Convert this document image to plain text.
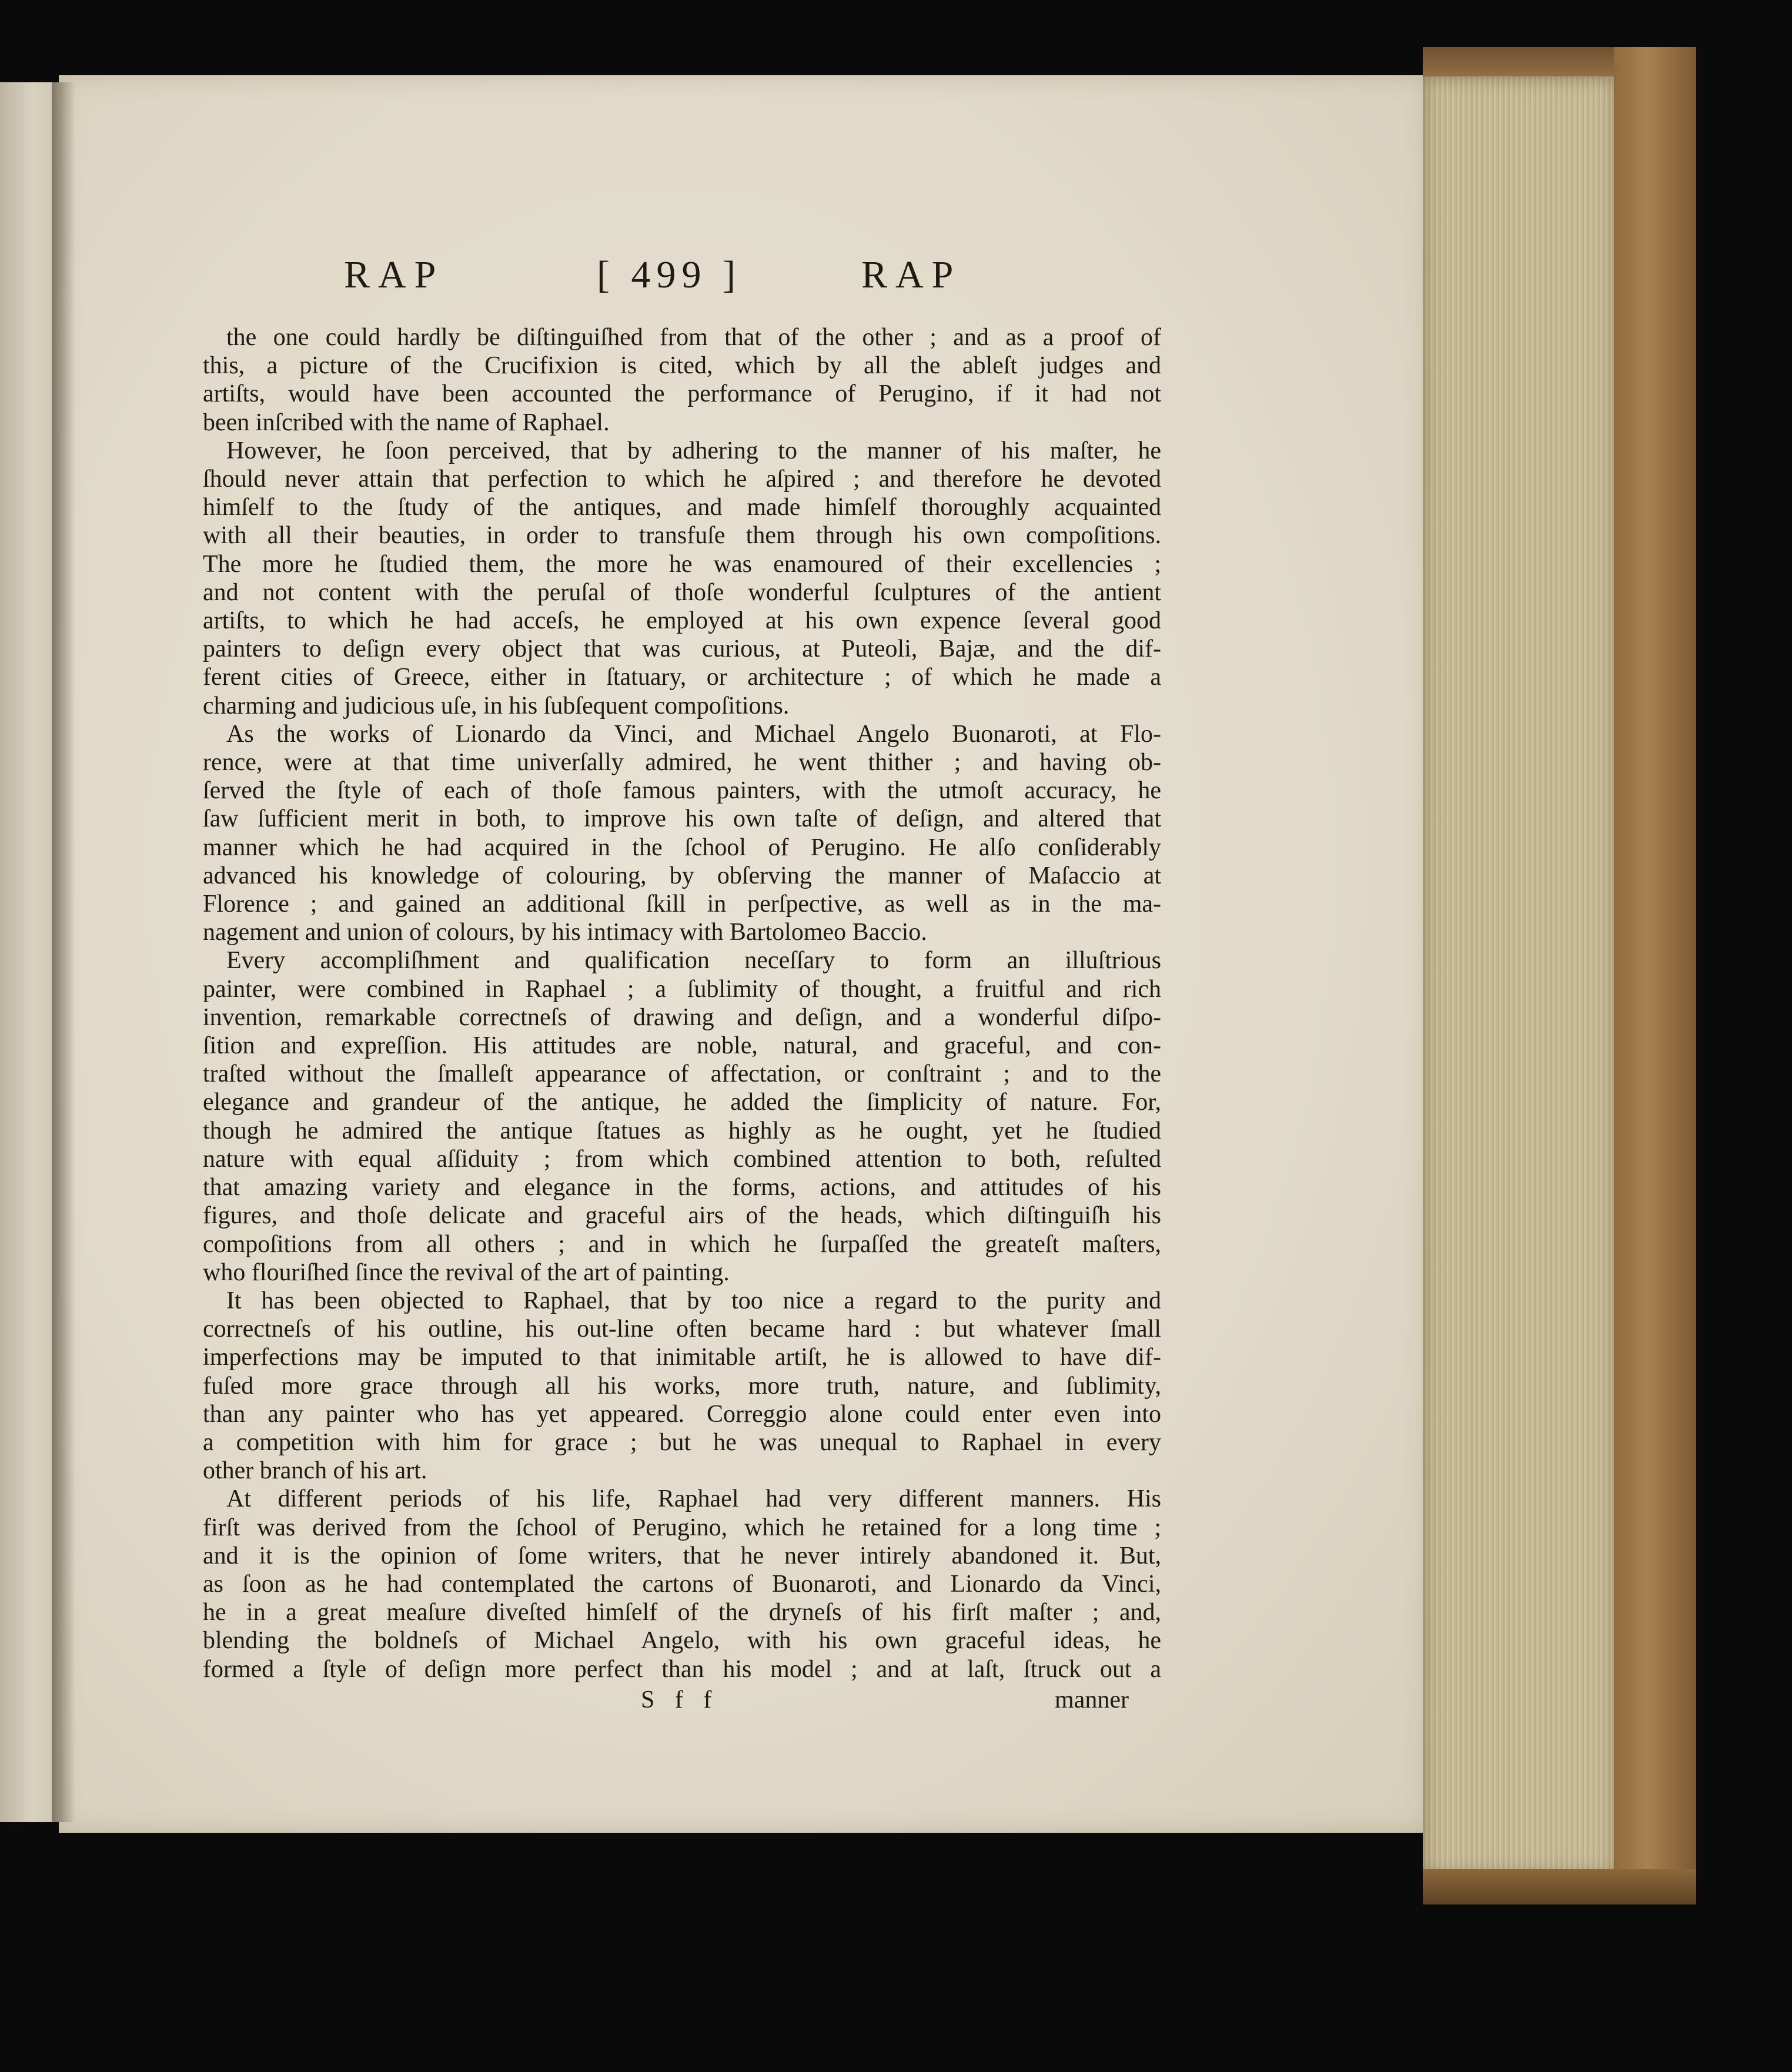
RAP	[ 499 ]	RAP
the one could hardly be diſtinguiſhed from that of the other ; and as a proof of
this, a picture of the Crucifixion is cited, which by all the ableſt judges and
artiſts, would have been accounted the performance of Perugino, if it had not
been inſcribed with the name of Raphael.
However, he ſoon perceived, that by adhering to the manner of his maſter, he
ſhould never attain that perfection to which he aſpired ; and therefore he devoted
himſelf to the ſtudy of the antiques, and made himſelf thoroughly acquainted
with all their beauties, in order to transfuſe them through his own compoſitions.
The more he ſtudied them, the more he was enamoured of their excellencies ;
and not content with the peruſal of thoſe wonderful ſculptures of the antient
artiſts, to which he had acceſs, he employed at his own expence ſeveral good
painters to deſign every object that was curious, at Puteoli, Bajæ, and the dif-
ferent cities of Greece, either in ſtatuary, or architecture ; of which he made a
charming and judicious uſe, in his ſubſequent compoſitions.
As the works of Lionardo da Vinci, and Michael Angelo Buonaroti, at Flo-
rence, were at that time univerſally admired, he went thither ; and having ob-
ſerved the ſtyle of each of thoſe famous painters, with the utmoſt accuracy, he
ſaw ſufficient merit in both, to improve his own taſte of deſign, and altered that
manner which he had acquired in the ſchool of Perugino. He alſo conſiderably
advanced his knowledge of colouring, by obſerving the manner of Maſaccio at
Florence ; and gained an additional ſkill in perſpective, as well as in the ma-
nagement and union of colours, by his intimacy with Bartolomeo Baccio.
Every accompliſhment and qualification neceſſary to form an illuſtrious
painter, were combined in Raphael ; a ſublimity of thought, a fruitful and rich
invention, remarkable correctneſs of drawing and deſign, and a wonderful diſpo-
ſition and expreſſion. His attitudes are noble, natural, and graceful, and con-
traſted without the ſmalleſt appearance of affectation, or conſtraint ; and to the
elegance and grandeur of the antique, he added the ſimplicity of nature. For,
though he admired the antique ſtatues as highly as he ought, yet he ſtudied
nature with equal aſſiduity ; from which combined attention to both, reſulted
that amazing variety and elegance in the forms, actions, and attitudes of his
figures, and thoſe delicate and graceful airs of the heads, which diſtinguiſh his
compoſitions from all others ; and in which he ſurpaſſed the greateſt maſters,
who flouriſhed ſince the revival of the art of painting.
It has been objected to Raphael, that by too nice a regard to the purity and
correctneſs of his outline, his out-line often became hard : but whatever ſmall
imperfections may be imputed to that inimitable artiſt, he is allowed to have dif-
fuſed more grace through all his works, more truth, nature, and ſublimity,
than any painter who has yet appeared. Correggio alone could enter even into
a competition with him for grace ; but he was unequal to Raphael in every
other branch of his art.
At different periods of his life, Raphael had very different manners. His
firſt was derived from the ſchool of Perugino, which he retained for a long time ;
and it is the opinion of ſome writers, that he never intirely abandoned it. But,
as ſoon as he had contemplated the cartons of Buonaroti, and Lionardo da Vinci,
he in a great meaſure diveſted himſelf of the dryneſs of his firſt maſter ; and,
blending the boldneſs of Michael Angelo, with his own graceful ideas, he
formed a ſtyle of deſign more perfect than his model ; and at laſt, ſtruck out a
S f f	manner
